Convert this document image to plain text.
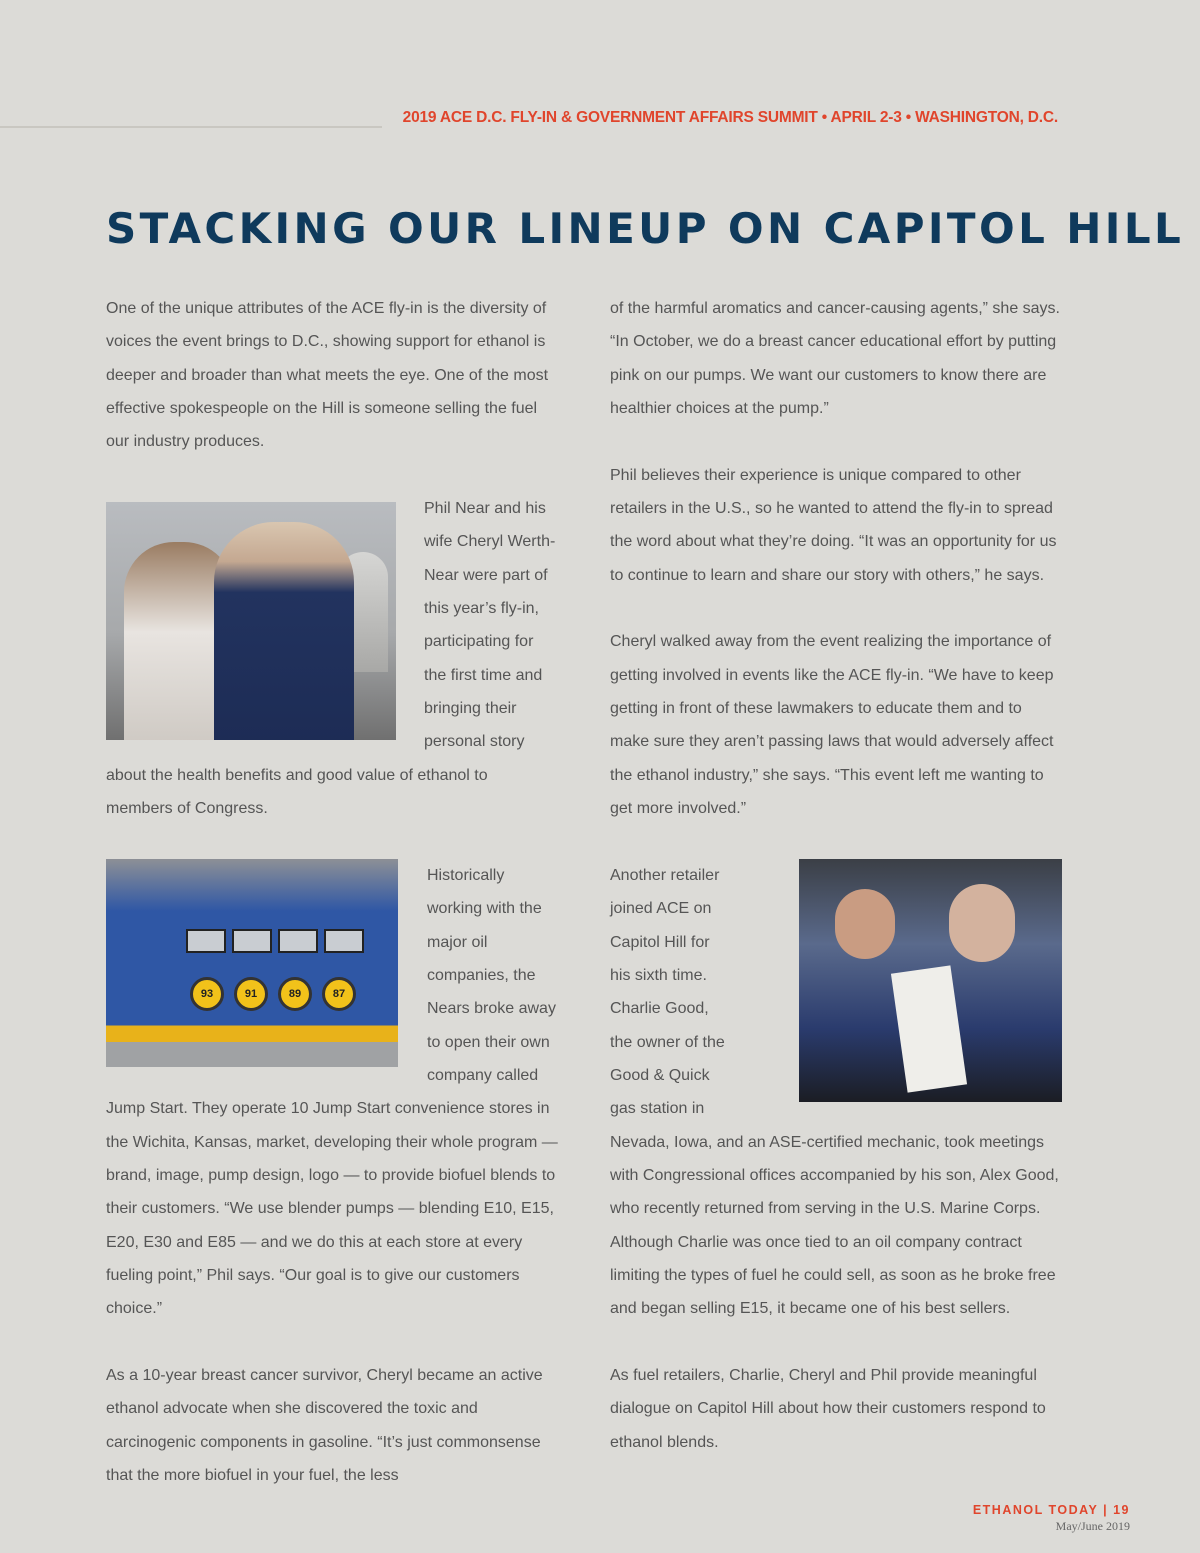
2019 ACE D.C. FLY-IN & GOVERNMENT AFFAIRS SUMMIT • APRIL 2-3 • WASHINGTON, D.C.
STACKING OUR LINEUP ON CAPITOL HILL

One of the unique attributes of the ACE fly-in is the diversity of voices the event brings to D.C., showing support for ethanol is deeper and broader than what meets the eye. One of the most effective spokespeople on the Hill is someone selling the fuel our industry produces.

Phil Near and his wife Cheryl Werth-Near were part of this year’s fly-in, participating for the first time and bringing their personal story about the health benefits and good value of ethanol to members of Congress.

93	91	89	87

Historically working with the major oil companies, the Nears broke away to open their own company called Jump Start. They operate 10 Jump Start convenience stores in the Wichita, Kansas, market, developing their whole program — brand, image, pump design, logo — to provide biofuel blends to their customers. “We use blender pumps — blending E10, E15, E20, E30 and E85 — and we do this at each store at every fueling point,” Phil says. “Our goal is to give our customers choice.”

As a 10-year breast cancer survivor, Cheryl became an active ethanol advocate when she discovered the toxic and carcinogenic components in gasoline. “It’s just commonsense that the more biofuel in your fuel, the less

of the harmful aromatics and cancer-causing agents,” she says. “In October, we do a breast cancer educational effort by putting pink on our pumps. We want our customers to know there are healthier choices at the pump.”

Phil believes their experience is unique compared to other retailers in the U.S., so he wanted to attend the fly-in to spread the word about what they’re doing. “It was an opportunity for us to continue to learn and share our story with others,” he says.

Cheryl walked away from the event realizing the importance of getting involved in events like the ACE fly-in. “We have to keep getting in front of these lawmakers to educate them and to make sure they aren’t passing laws that would adversely affect the ethanol industry,” she says. “This event left me wanting to get more involved.”

Another retailer joined ACE on Capitol Hill for his sixth time. Charlie Good, the owner of the Good & Quick gas station in Nevada, Iowa, and an ASE-certified mechanic, took meetings with Congressional offices accompanied by his son, Alex Good, who recently returned from serving in the U.S. Marine Corps. Although Charlie was once tied to an oil company contract limiting the types of fuel he could sell, as soon as he broke free and began selling E15, it became one of his best sellers.

As fuel retailers, Charlie, Cheryl and Phil provide meaningful dialogue on Capitol Hill about how their customers respond to ethanol blends.

ETHANOL TODAY | 19
May/June 2019
